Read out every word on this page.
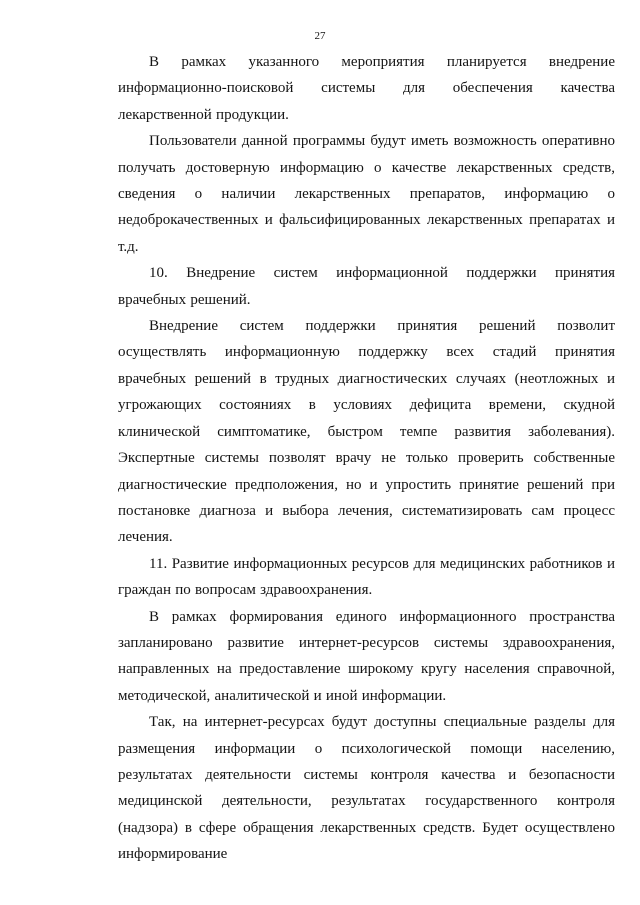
27

В рамках указанного мероприятия планируется внедрение информационно-поисковой системы для обеспечения качества лекарственной продукции.

Пользователи данной программы будут иметь возможность оперативно получать достоверную информацию о качестве лекарственных средств, сведения о наличии лекарственных препаратов, информацию о недоброкачественных и фальсифицированных лекарственных препаратах и т.д.

10. Внедрение систем информационной поддержки принятия врачебных решений.

Внедрение систем поддержки принятия решений позволит осуществлять информационную поддержку всех стадий принятия врачебных решений в трудных диагностических случаях (неотложных и угрожающих состояниях в условиях дефицита времени, скудной клинической симптоматике, быстром темпе развития заболевания). Экспертные системы позволят врачу не только проверить собственные диагностические предположения, но и упростить принятие решений при постановке диагноза и выбора лечения, систематизировать сам процесс лечения.

11. Развитие информационных ресурсов для медицинских работников и граждан по вопросам здравоохранения.

В рамках формирования единого информационного пространства запланировано развитие интернет-ресурсов системы здравоохранения, направленных на предоставление широкому кругу населения справочной, методической, аналитической и иной информации.

Так, на интернет-ресурсах будут доступны специальные разделы для размещения информации о психологической помощи населению, результатах деятельности системы контроля качества и безопасности медицинской деятельности, результатах государственного контроля (надзора) в сфере обращения лекарственных средств. Будет осуществлено информирование
